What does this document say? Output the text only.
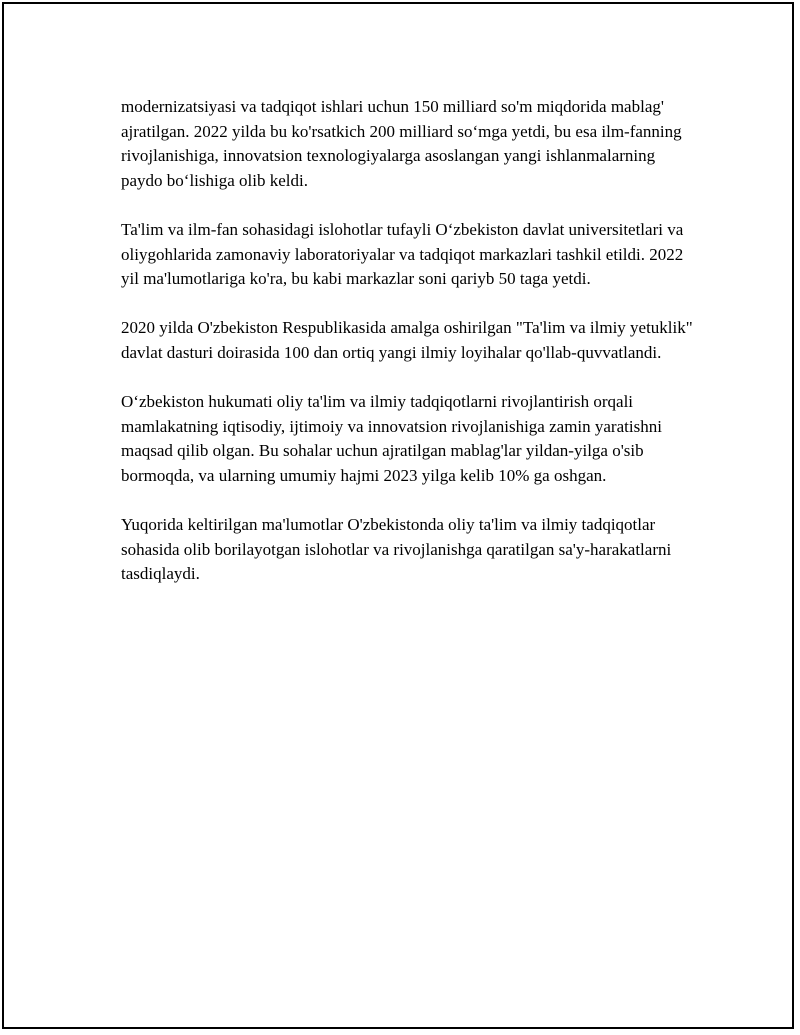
modernizatsiyasi va tadqiqot ishlari uchun 150 milliard so'm miqdorida mablag' ajratilgan. 2022 yilda bu ko'rsatkich 200 milliard so‘mga yetdi, bu esa ilm-fanning rivojlanishiga, innovatsion texnologiyalarga asoslangan yangi ishlanmalarning paydo bo‘lishiga olib keldi.

Ta'lim va ilm-fan sohasidagi islohotlar tufayli O‘zbekiston davlat universitetlari va oliygohlarida zamonaviy laboratoriyalar va tadqiqot markazlari tashkil etildi. 2022 yil ma'lumotlariga ko'ra, bu kabi markazlar soni qariyb 50 taga yetdi.

2020 yilda O'zbekiston Respublikasida amalga oshirilgan "Ta'lim va ilmiy yetuklik" davlat dasturi doirasida 100 dan ortiq yangi ilmiy loyihalar qo'llab-quvvatlandi.

O‘zbekiston hukumati oliy ta'lim va ilmiy tadqiqotlarni rivojlantirish orqali mamlakatning iqtisodiy, ijtimoiy va innovatsion rivojlanishiga zamin yaratishni maqsad qilib olgan. Bu sohalar uchun ajratilgan mablag'lar yildan-yilga o'sib bormoqda, va ularning umumiy hajmi 2023 yilga kelib 10% ga oshgan.

Yuqorida keltirilgan ma'lumotlar O'zbekistonda oliy ta'lim va ilmiy tadqiqotlar sohasida olib borilayotgan islohotlar va rivojlanishga qaratilgan sa'y-harakatlarni tasdiqlaydi.
